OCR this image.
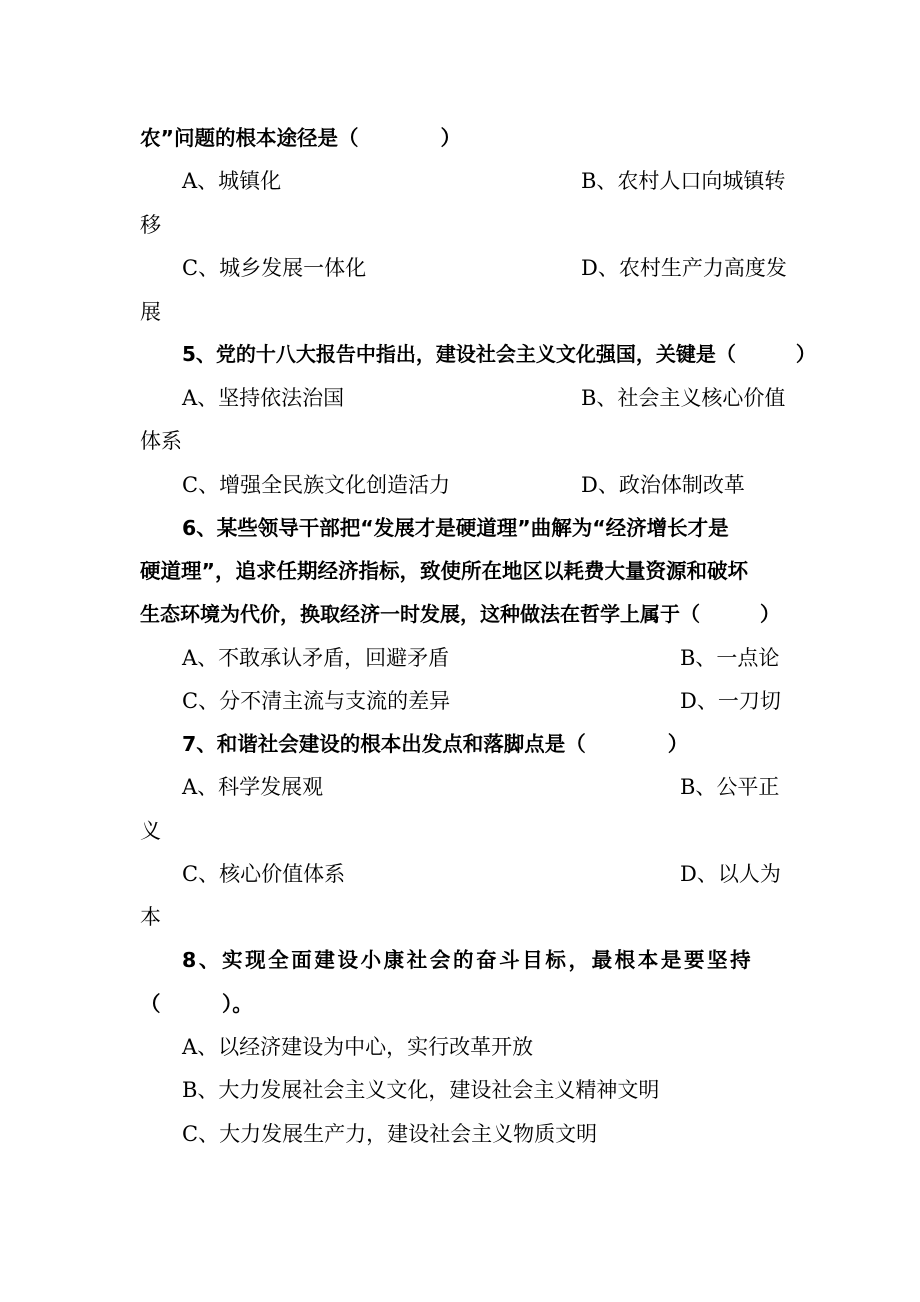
农”问题的根本途径是（　　　　）
A、城镇化	B、农村人口向城镇转
移
C、城乡发展一体化	D、农村生产力高度发
展
5、党的十八大报告中指出，建设社会主义文化强国，关键是（　　　）
A、坚持依法治国	B、社会主义核心价值
体系
C、增强全民族文化创造活力	D、政治体制改革
6、某些领导干部把“发展才是硬道理”曲解为“经济增长才是
硬道理”，追求任期经济指标，致使所在地区以耗费大量资源和破坏
生态环境为代价，换取经济一时发展，这种做法在哲学上属于（　　　）
A、不敢承认矛盾，回避矛盾	B、一点论
C、分不清主流与支流的差异	D、一刀切
7、和谐社会建设的根本出发点和落脚点是（　　　　）
A、科学发展观	B、公平正
义
C、核心价值体系	D、以人为
本
8、实现全面建设小康社会的奋斗目标，最根本是要坚持
（　　　）。
A、以经济建设为中心，实行改革开放
B、大力发展社会主义文化，建设社会主义精神文明
C、大力发展生产力，建设社会主义物质文明
